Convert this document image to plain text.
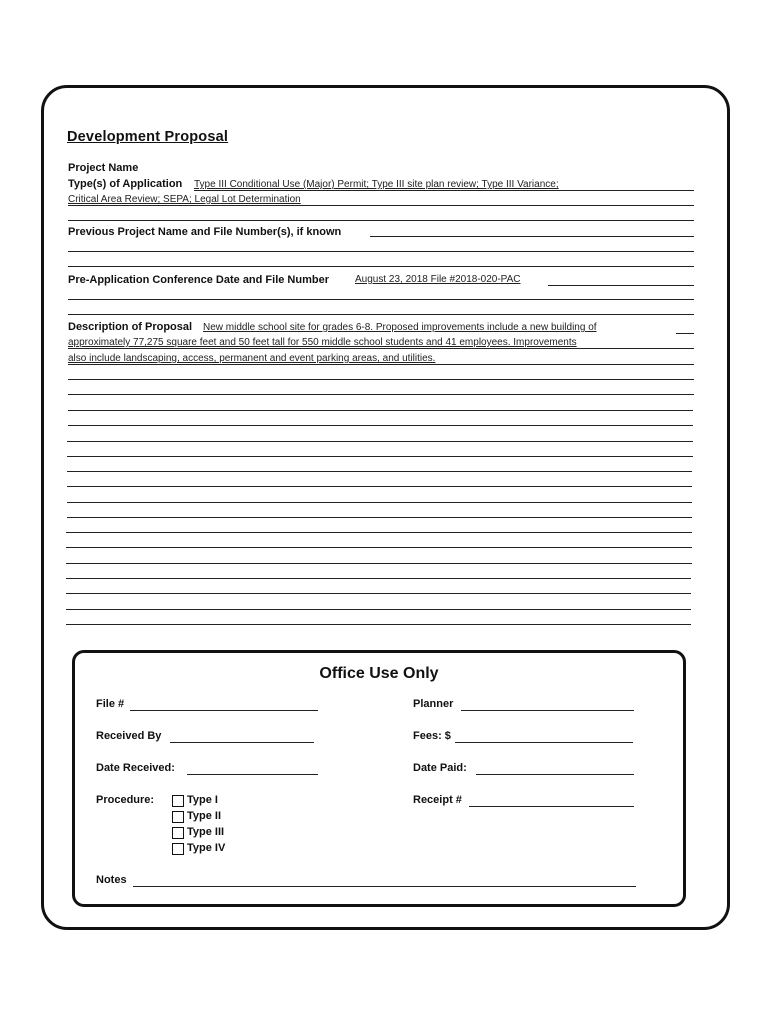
Development Proposal
Project Name
Type(s) of Application Type III Conditional Use (Major) Permit; Type III site plan review; Type III Variance;
Critical Area Review; SEPA; Legal Lot Determination
Previous Project Name and File Number(s), if known
Pre-Application Conference Date and File Number	August 23, 2018 File #2018-020-PAC
Description of Proposal New middle school site for grades 6-8. Proposed improvements include a new building of
approximately 77,275 square feet and 50 feet tall for 550 middle school students and 41 employees. Improvements
also include landscaping, access, permanent and event parking areas, and utilities.
Office Use Only
File #	Planner
Received By	Fees: $
Date Received:	Date Paid:
Procedure:	Type I
Type II
Type III
Type IV
Receipt #
Notes
